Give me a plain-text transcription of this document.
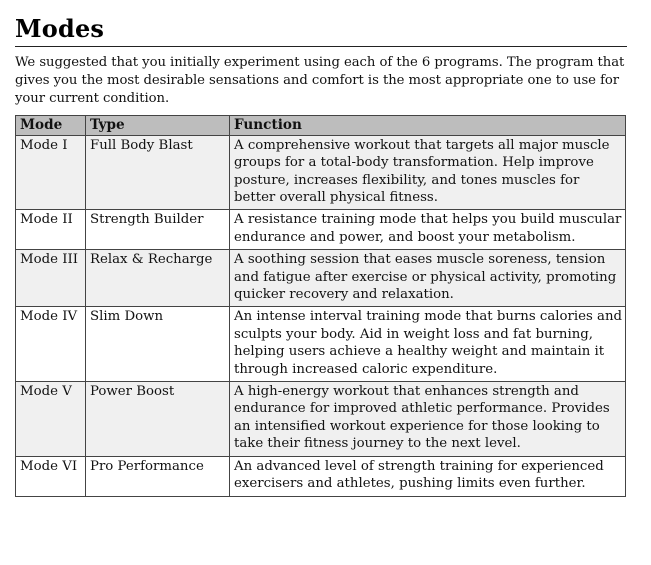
Modes

We suggested that you initially experiment using each of the 6 programs. The program that gives you the most desirable sensations and comfort is the most appropriate one to use for your current condition.

Mode	Type	Function
Mode I	Full Body Blast	A comprehensive workout that targets all major muscle groups for a total-body transformation. Help improve posture, increases flexibility, and tones muscles for better overall physical fitness.
Mode II	Strength Builder	A resistance training mode that helps you build muscular endurance and power, and boost your metabolism.
Mode III	Relax & Recharge	A soothing session that eases muscle soreness, tension and fatigue after exercise or physical activity, promoting quicker recovery and relaxation.
Mode IV	Slim Down	An intense interval training mode that burns calories and sculpts your body. Aid in weight loss and fat burning, helping users achieve a healthy weight and maintain it through increased caloric expenditure.
Mode V	Power Boost	A high-energy workout that enhances strength and endurance for improved athletic performance. Provides an intensified workout experience for those looking to take their fitness journey to the next level.
Mode VI	Pro Performance	An advanced level of strength training for experienced exercisers and athletes, pushing limits even further.
